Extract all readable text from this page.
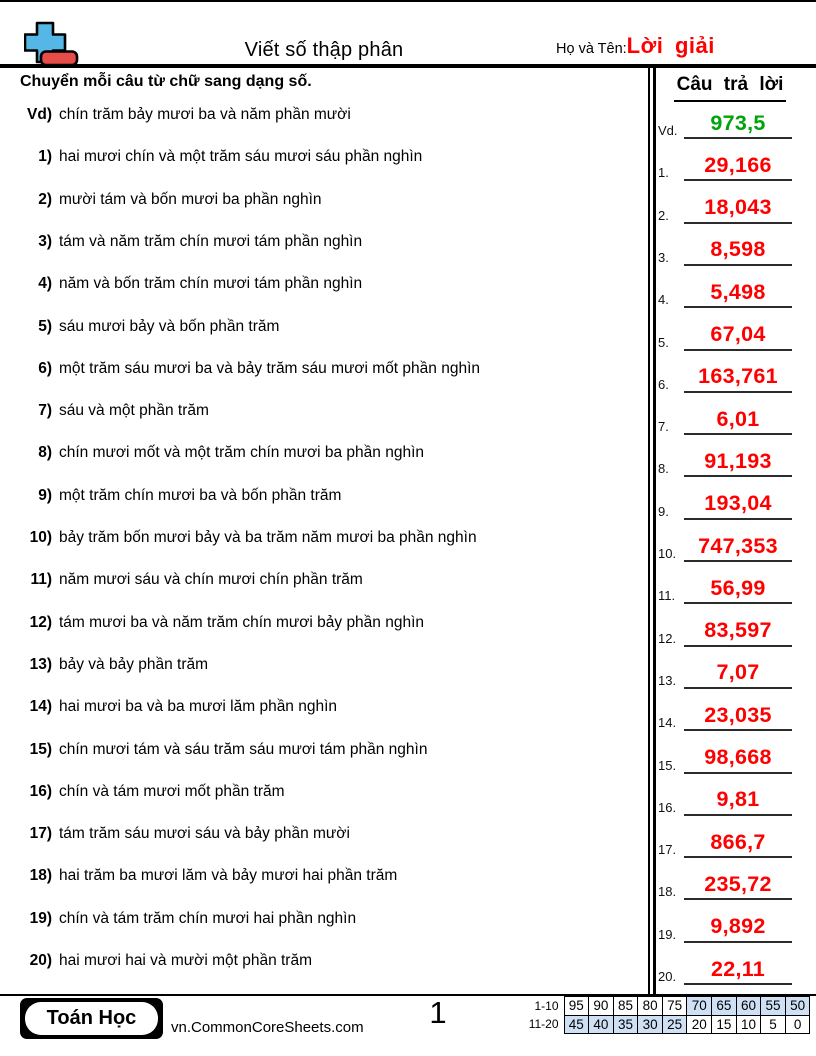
Viết số thập phân	Họ và Tên: Lời giải
Chuyển mỗi câu từ chữ sang dạng số.	Câu trả lời
Vd) chín trăm bảy mươi ba và năm phần mười
1) hai mươi chín và một trăm sáu mươi sáu phần nghìn
2) mười tám và bốn mươi ba phần nghìn
3) tám và năm trăm chín mươi tám phần nghìn
4) năm và bốn trăm chín mươi tám phần nghìn
5) sáu mươi bảy và bốn phần trăm
6) một trăm sáu mươi ba và bảy trăm sáu mươi mốt phần nghìn
7) sáu và một phần trăm
8) chín mươi mốt và một trăm chín mươi ba phần nghìn
9) một trăm chín mươi ba và bốn phần trăm
10) bảy trăm bốn mươi bảy và ba trăm năm mươi ba phần nghìn
11) năm mươi sáu và chín mươi chín phần trăm
12) tám mươi ba và năm trăm chín mươi bảy phần nghìn
13) bảy và bảy phần trăm
14) hai mươi ba và ba mươi lăm phần nghìn
15) chín mươi tám và sáu trăm sáu mươi tám phần nghìn
16) chín và tám mươi mốt phần trăm
17) tám trăm sáu mươi sáu và bảy phần mười
18) hai trăm ba mươi lăm và bảy mươi hai phần trăm
19) chín và tám trăm chín mươi hai phần nghìn
20) hai mươi hai và mười một phần trăm
Vd. 973,5
1. 29,166
2. 18,043
3. 8,598
4. 5,498
5. 67,04
6. 163,761
7. 6,01
8. 91,193
9. 193,04
10. 747,353
11. 56,99
12. 83,597
13. 7,07
14. 23,035
15. 98,668
16. 9,81
17. 866,7
18. 235,72
19. 9,892
20. 22,11
Toán Học vn.CommonCoreSheets.com	1	1-10	95	90	85	80	75	70	65	60	55	50
11-20	45	40	35	30	25	20	15	10	5	0
